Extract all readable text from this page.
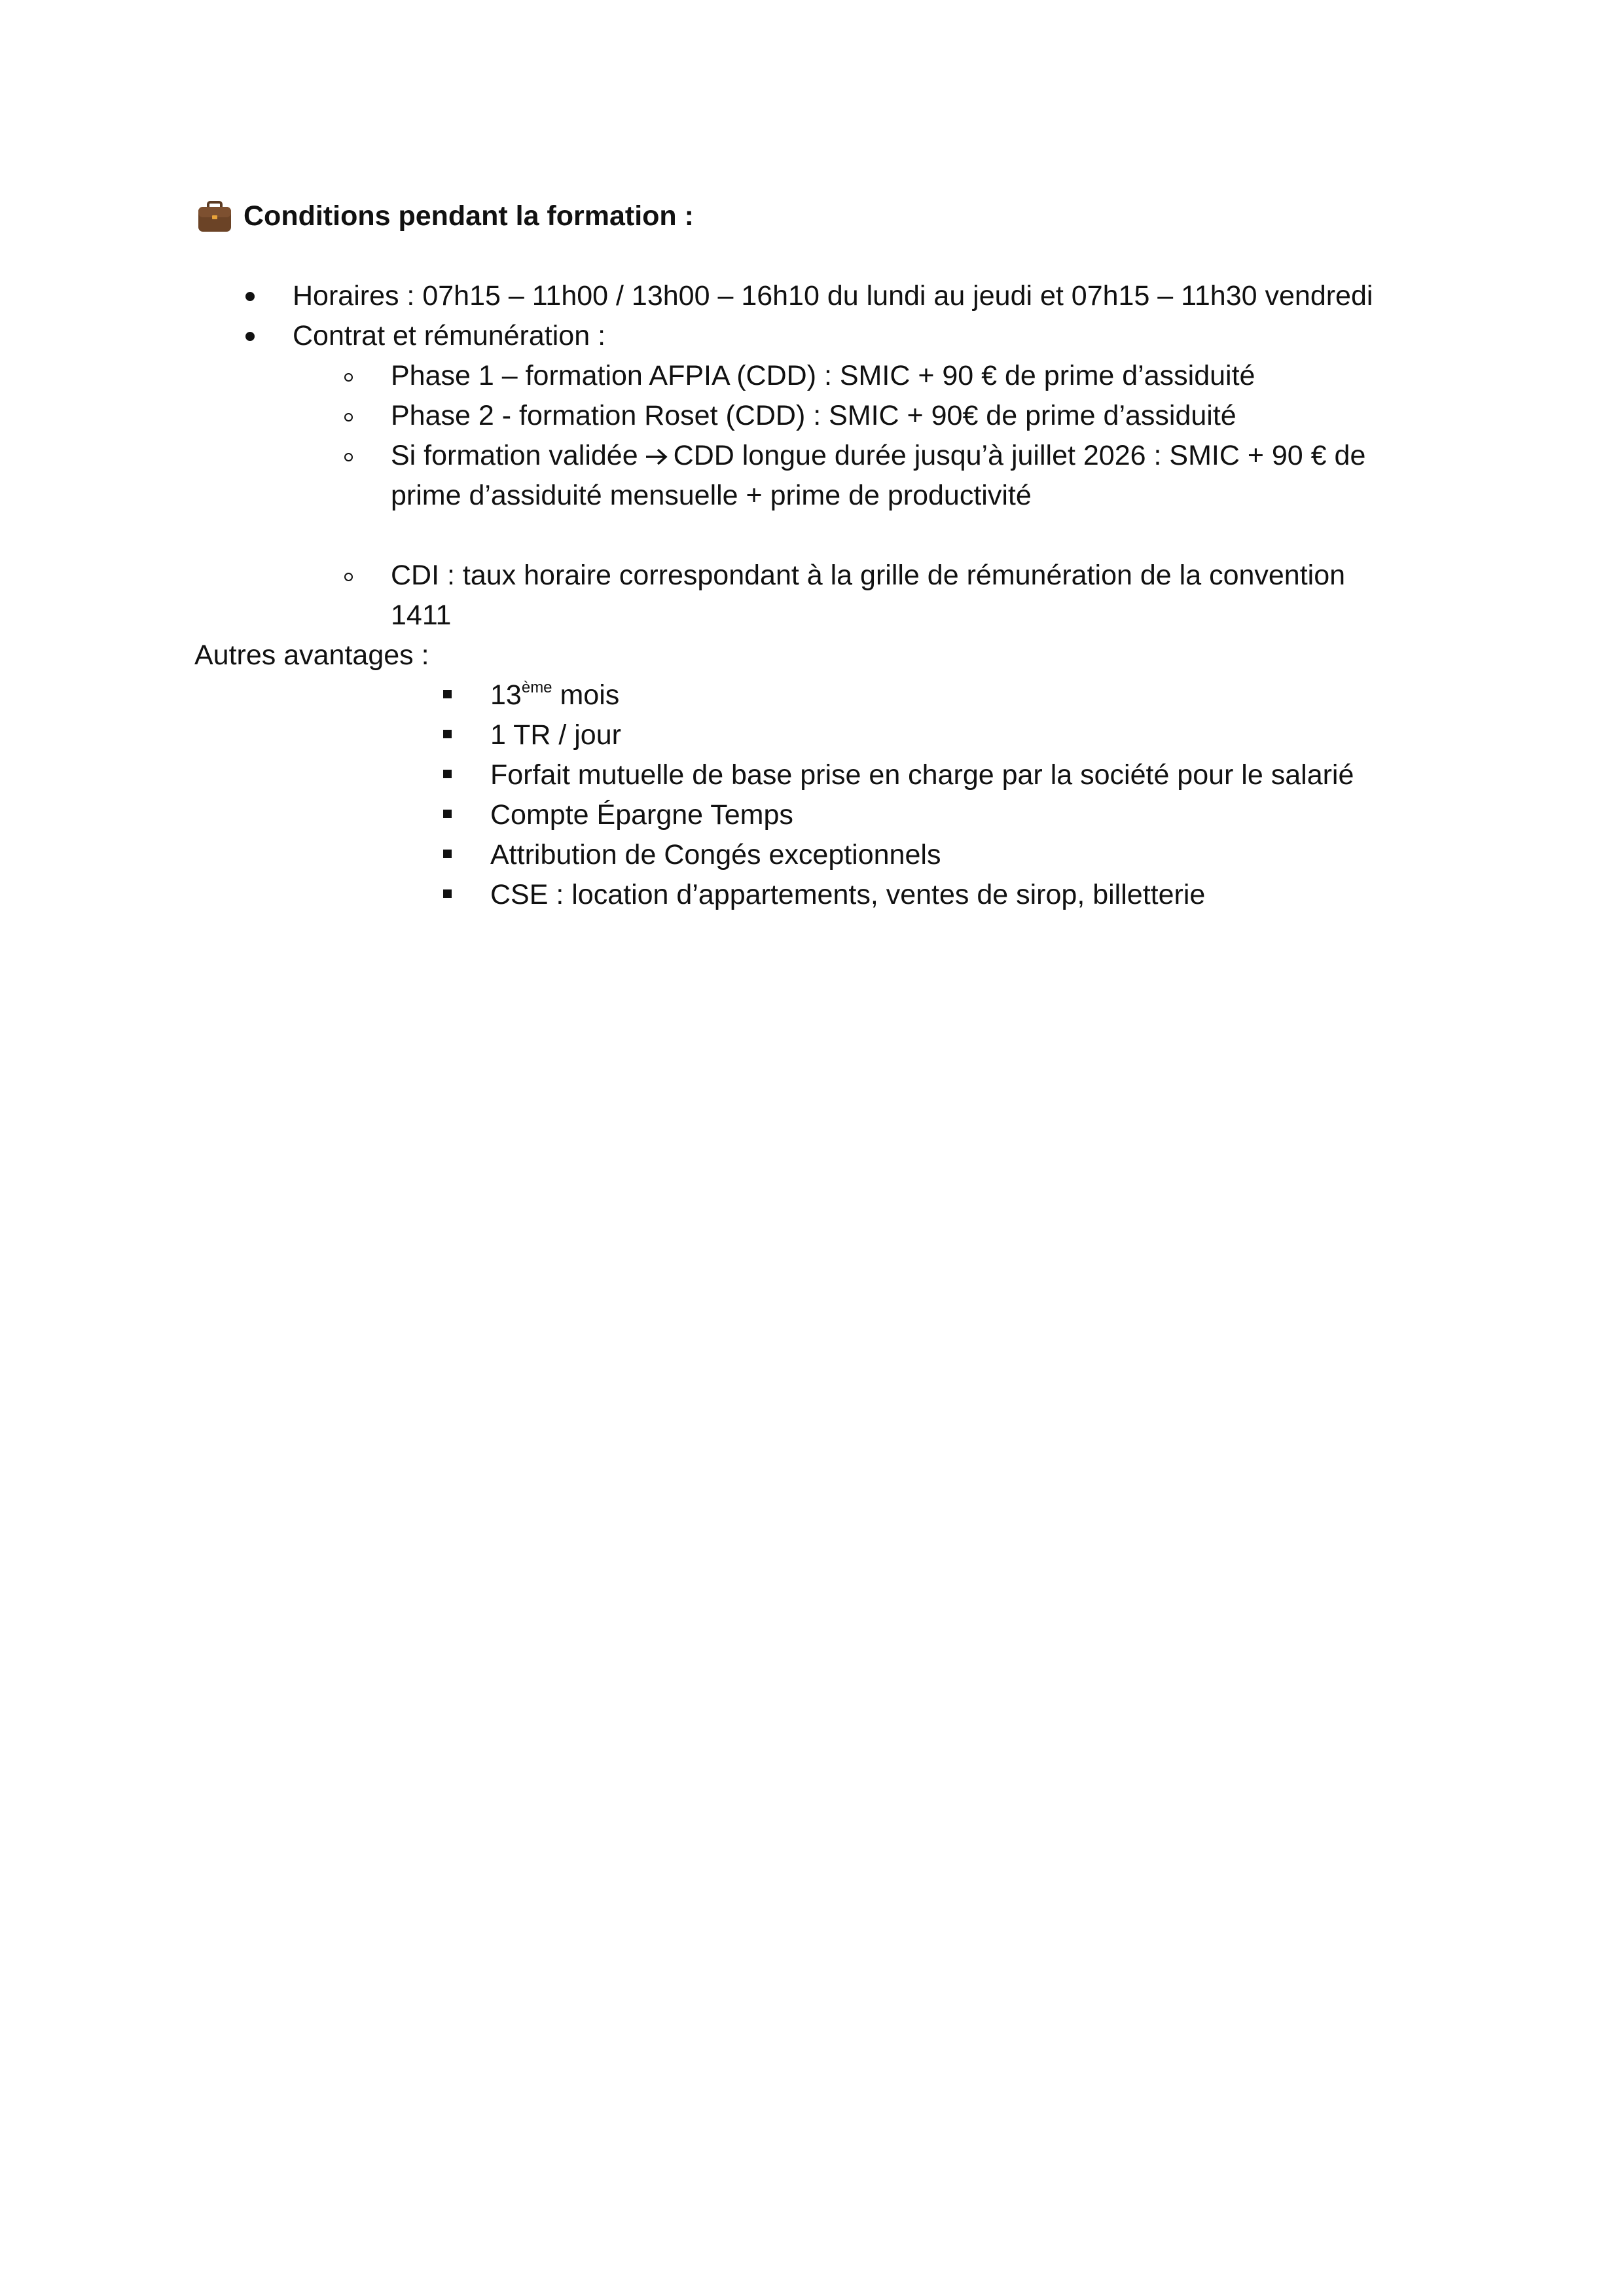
Conditions pendant la formation :
Horaires : 07h15 – 11h00 / 13h00 – 16h10 du lundi au jeudi et 07h15 – 11h30 vendredi
Contrat et rémunération :
Phase 1 – formation AFPIA (CDD) : SMIC + 90 € de prime d’assiduité
Phase 2 - formation Roset (CDD) : SMIC + 90€ de prime d’assiduité
Si formation validée CDD longue durée jusqu’à juillet 2026 : SMIC + 90 € de
prime d’assiduité mensuelle + prime de productivité
CDI : taux horaire correspondant à la grille de rémunération de la convention
1411
Autres avantages :
13ème mois
1 TR / jour
Forfait mutuelle de base prise en charge par la société pour le salarié
Compte Épargne Temps
Attribution de Congés exceptionnels
CSE : location d’appartements, ventes de sirop, billetterie
